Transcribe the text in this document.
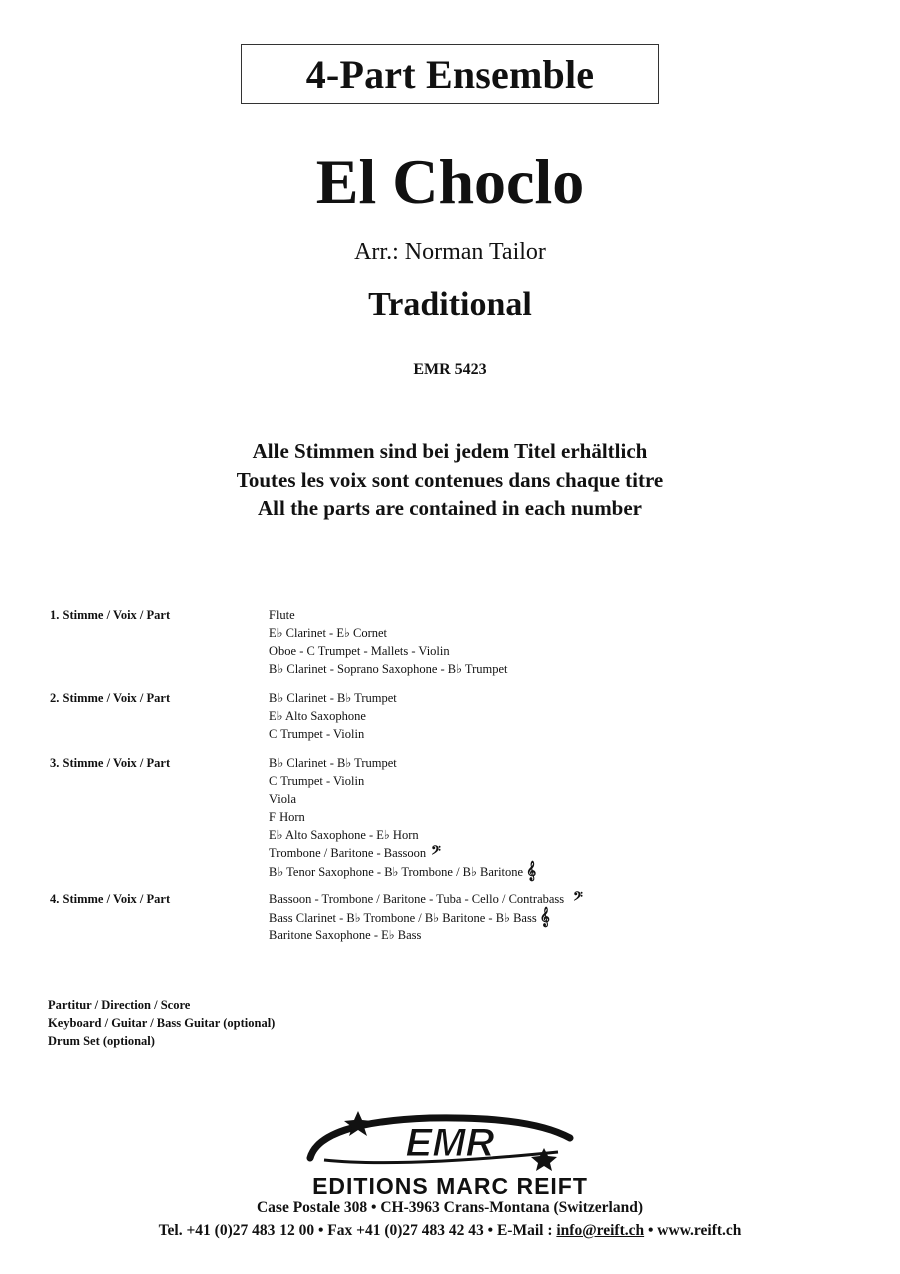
4-Part Ensemble
El Choclo
Arr.: Norman Tailor
Traditional
EMR 5423
Alle Stimmen sind bei jedem Titel erhältlich
Toutes les voix sont contenues dans chaque titre
All the parts are contained in each number
1. Stimme / Voix / Part	Flute
E♭ Clarinet - E♭ Cornet
Oboe - C Trumpet - Mallets - Violin
B♭ Clarinet - Soprano Saxophone - B♭ Trumpet
2. Stimme / Voix / Part	B♭ Clarinet - B♭ Trumpet
E♭ Alto Saxophone
C Trumpet - Violin
3. Stimme / Voix / Part	B♭ Clarinet - B♭ Trumpet
C Trumpet - Violin
Viola
F Horn
E♭ Alto Saxophone - E♭ Horn
Trombone / Baritone - Bassoon 𝄢
B♭ Tenor Saxophone - B♭ Trombone / B♭ Baritone 𝄞
4. Stimme / Voix / Part	Bassoon - Trombone / Baritone - Tuba - Cello / Contrabass 𝄢
Bass Clarinet - B♭ Trombone / B♭ Baritone - B♭ Bass 𝄞
Baritone Saxophone - E♭ Bass
Partitur / Direction / Score
Keyboard / Guitar / Bass Guitar (optional)
Drum Set (optional)
EMR
EDITIONS MARC REIFT
Case Postale 308 • CH-3963 Crans-Montana (Switzerland)
Tel. +41 (0)27 483 12 00 • Fax +41 (0)27 483 42 43 • E-Mail : info@reift.ch • www.reift.ch
